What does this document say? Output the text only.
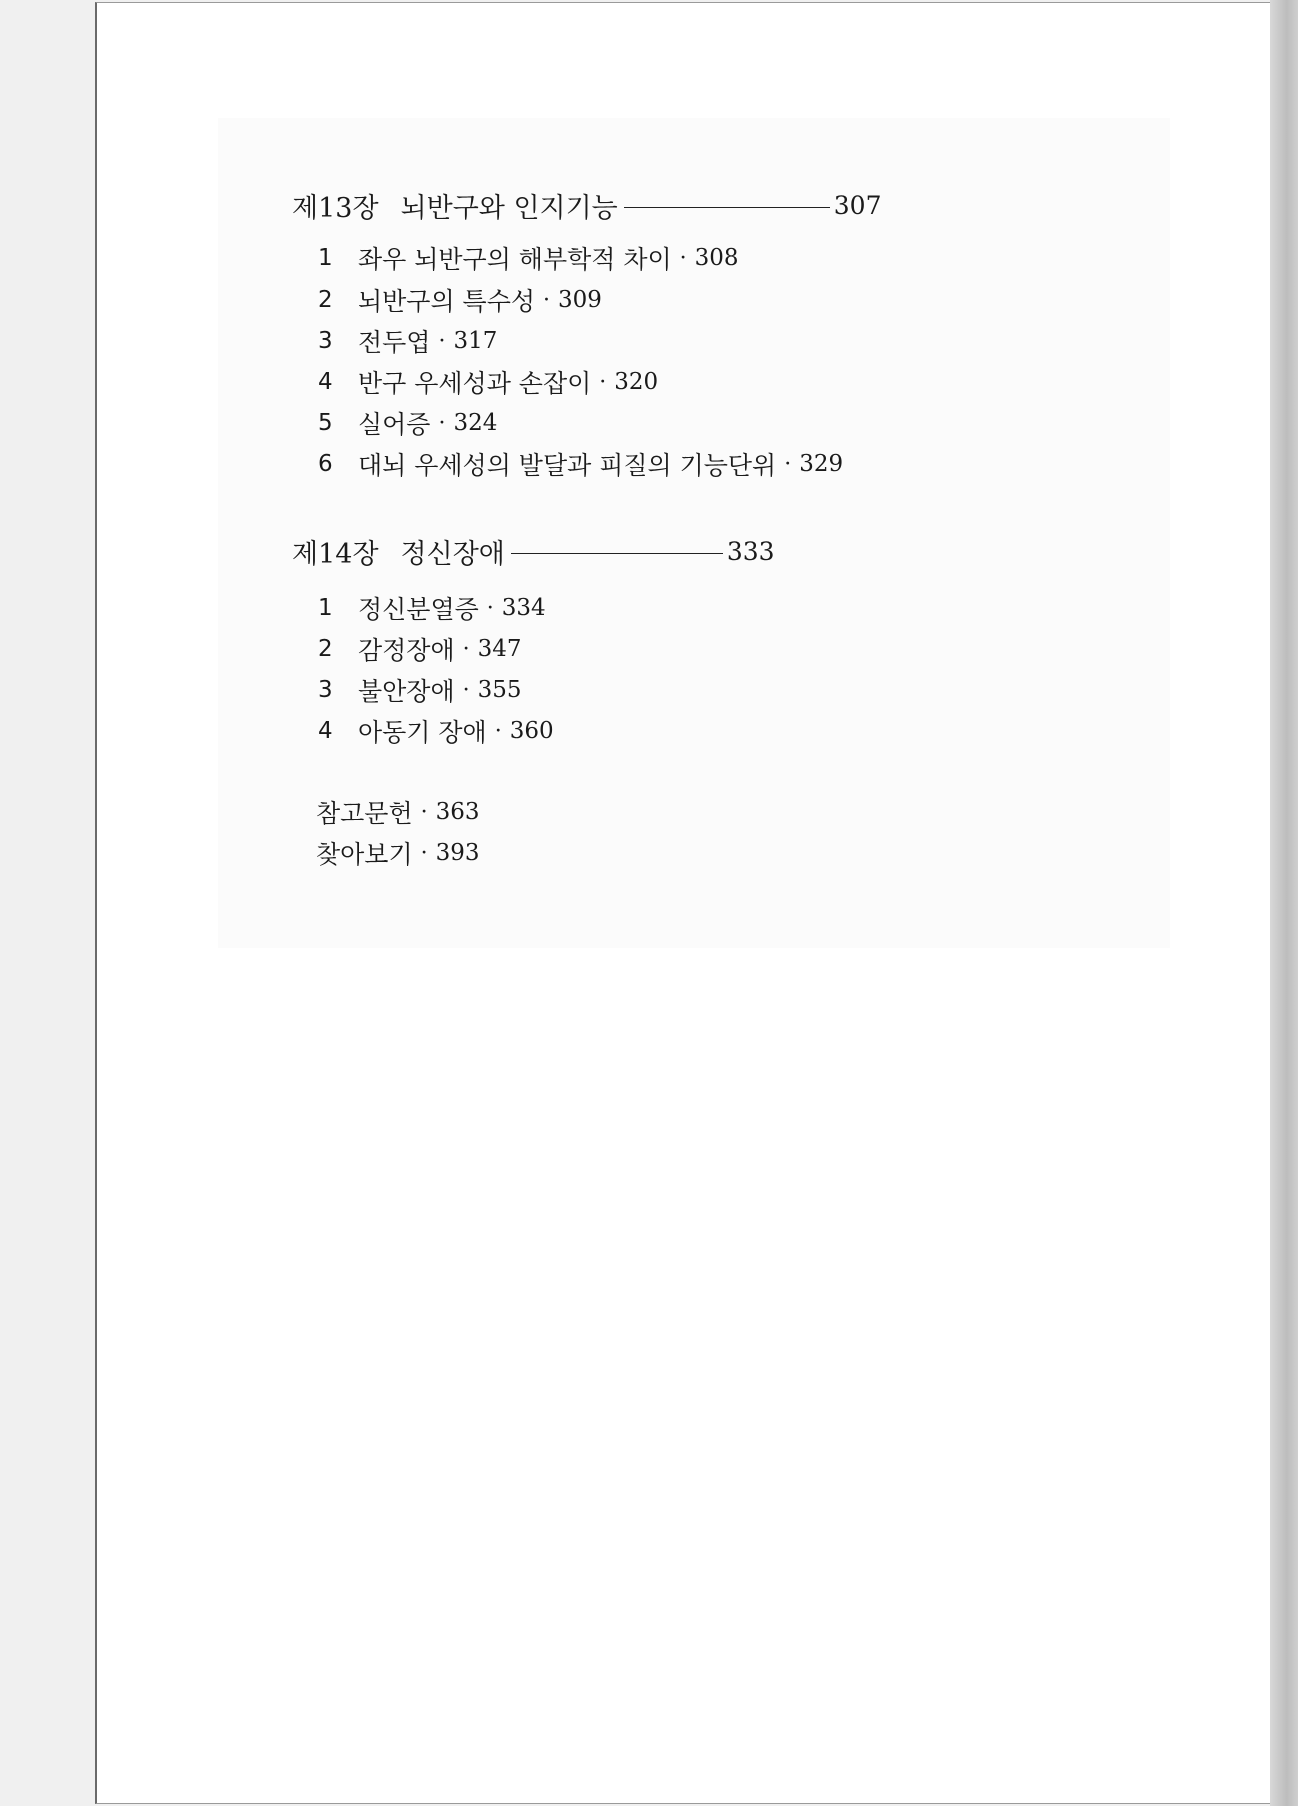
제13장 뇌반구와 인지기능	307
1	좌우 뇌반구의 해부학적 차이 · 308
2	뇌반구의 특수성 · 309
3	전두엽 · 317
4	반구 우세성과 손잡이 · 320
5	실어증 · 324
6	대뇌 우세성의 발달과 피질의 기능단위 · 329
제14장 정신장애	333
1	정신분열증 · 334
2	감정장애 · 347
3	불안장애 · 355
4	아동기 장애 · 360
참고문헌 · 363
찾아보기 · 393
